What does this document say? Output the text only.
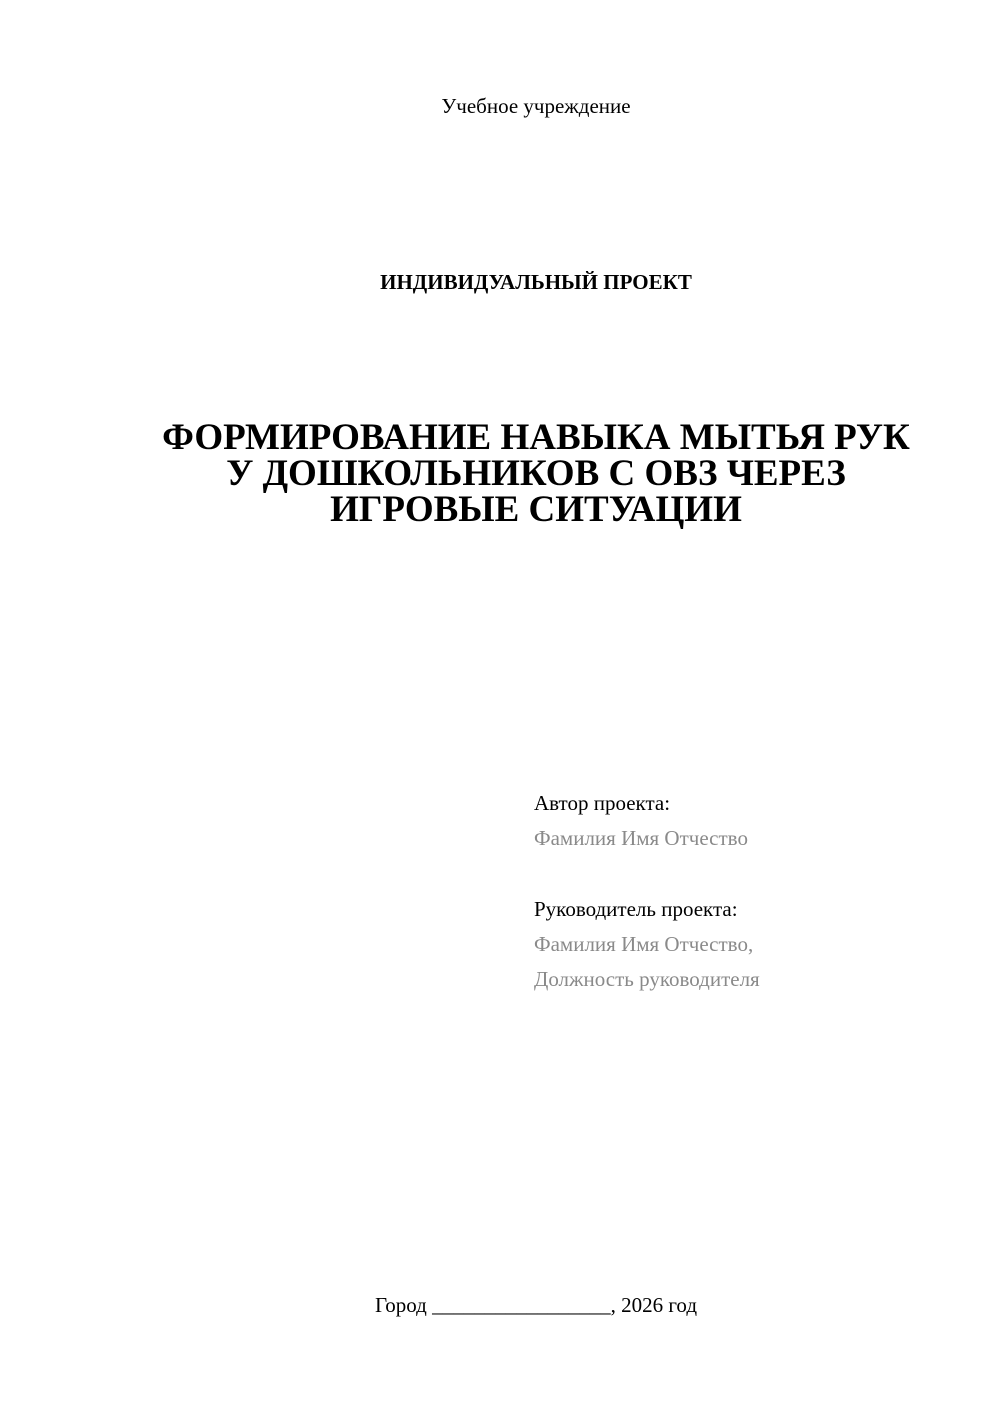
Учебное учреждение
ИНДИВИДУАЛЬНЫЙ ПРОЕКТ
ФОРМИРОВАНИЕ НАВЫКА МЫТЬЯ РУК У ДОШКОЛЬНИКОВ С ОВЗ ЧЕРЕЗ ИГРОВЫЕ СИТУАЦИИ
Автор проекта:
Фамилия Имя Отчество
Руководитель проекта:
Фамилия Имя Отчество,
Должность руководителя
Город _________________, 2026 год
